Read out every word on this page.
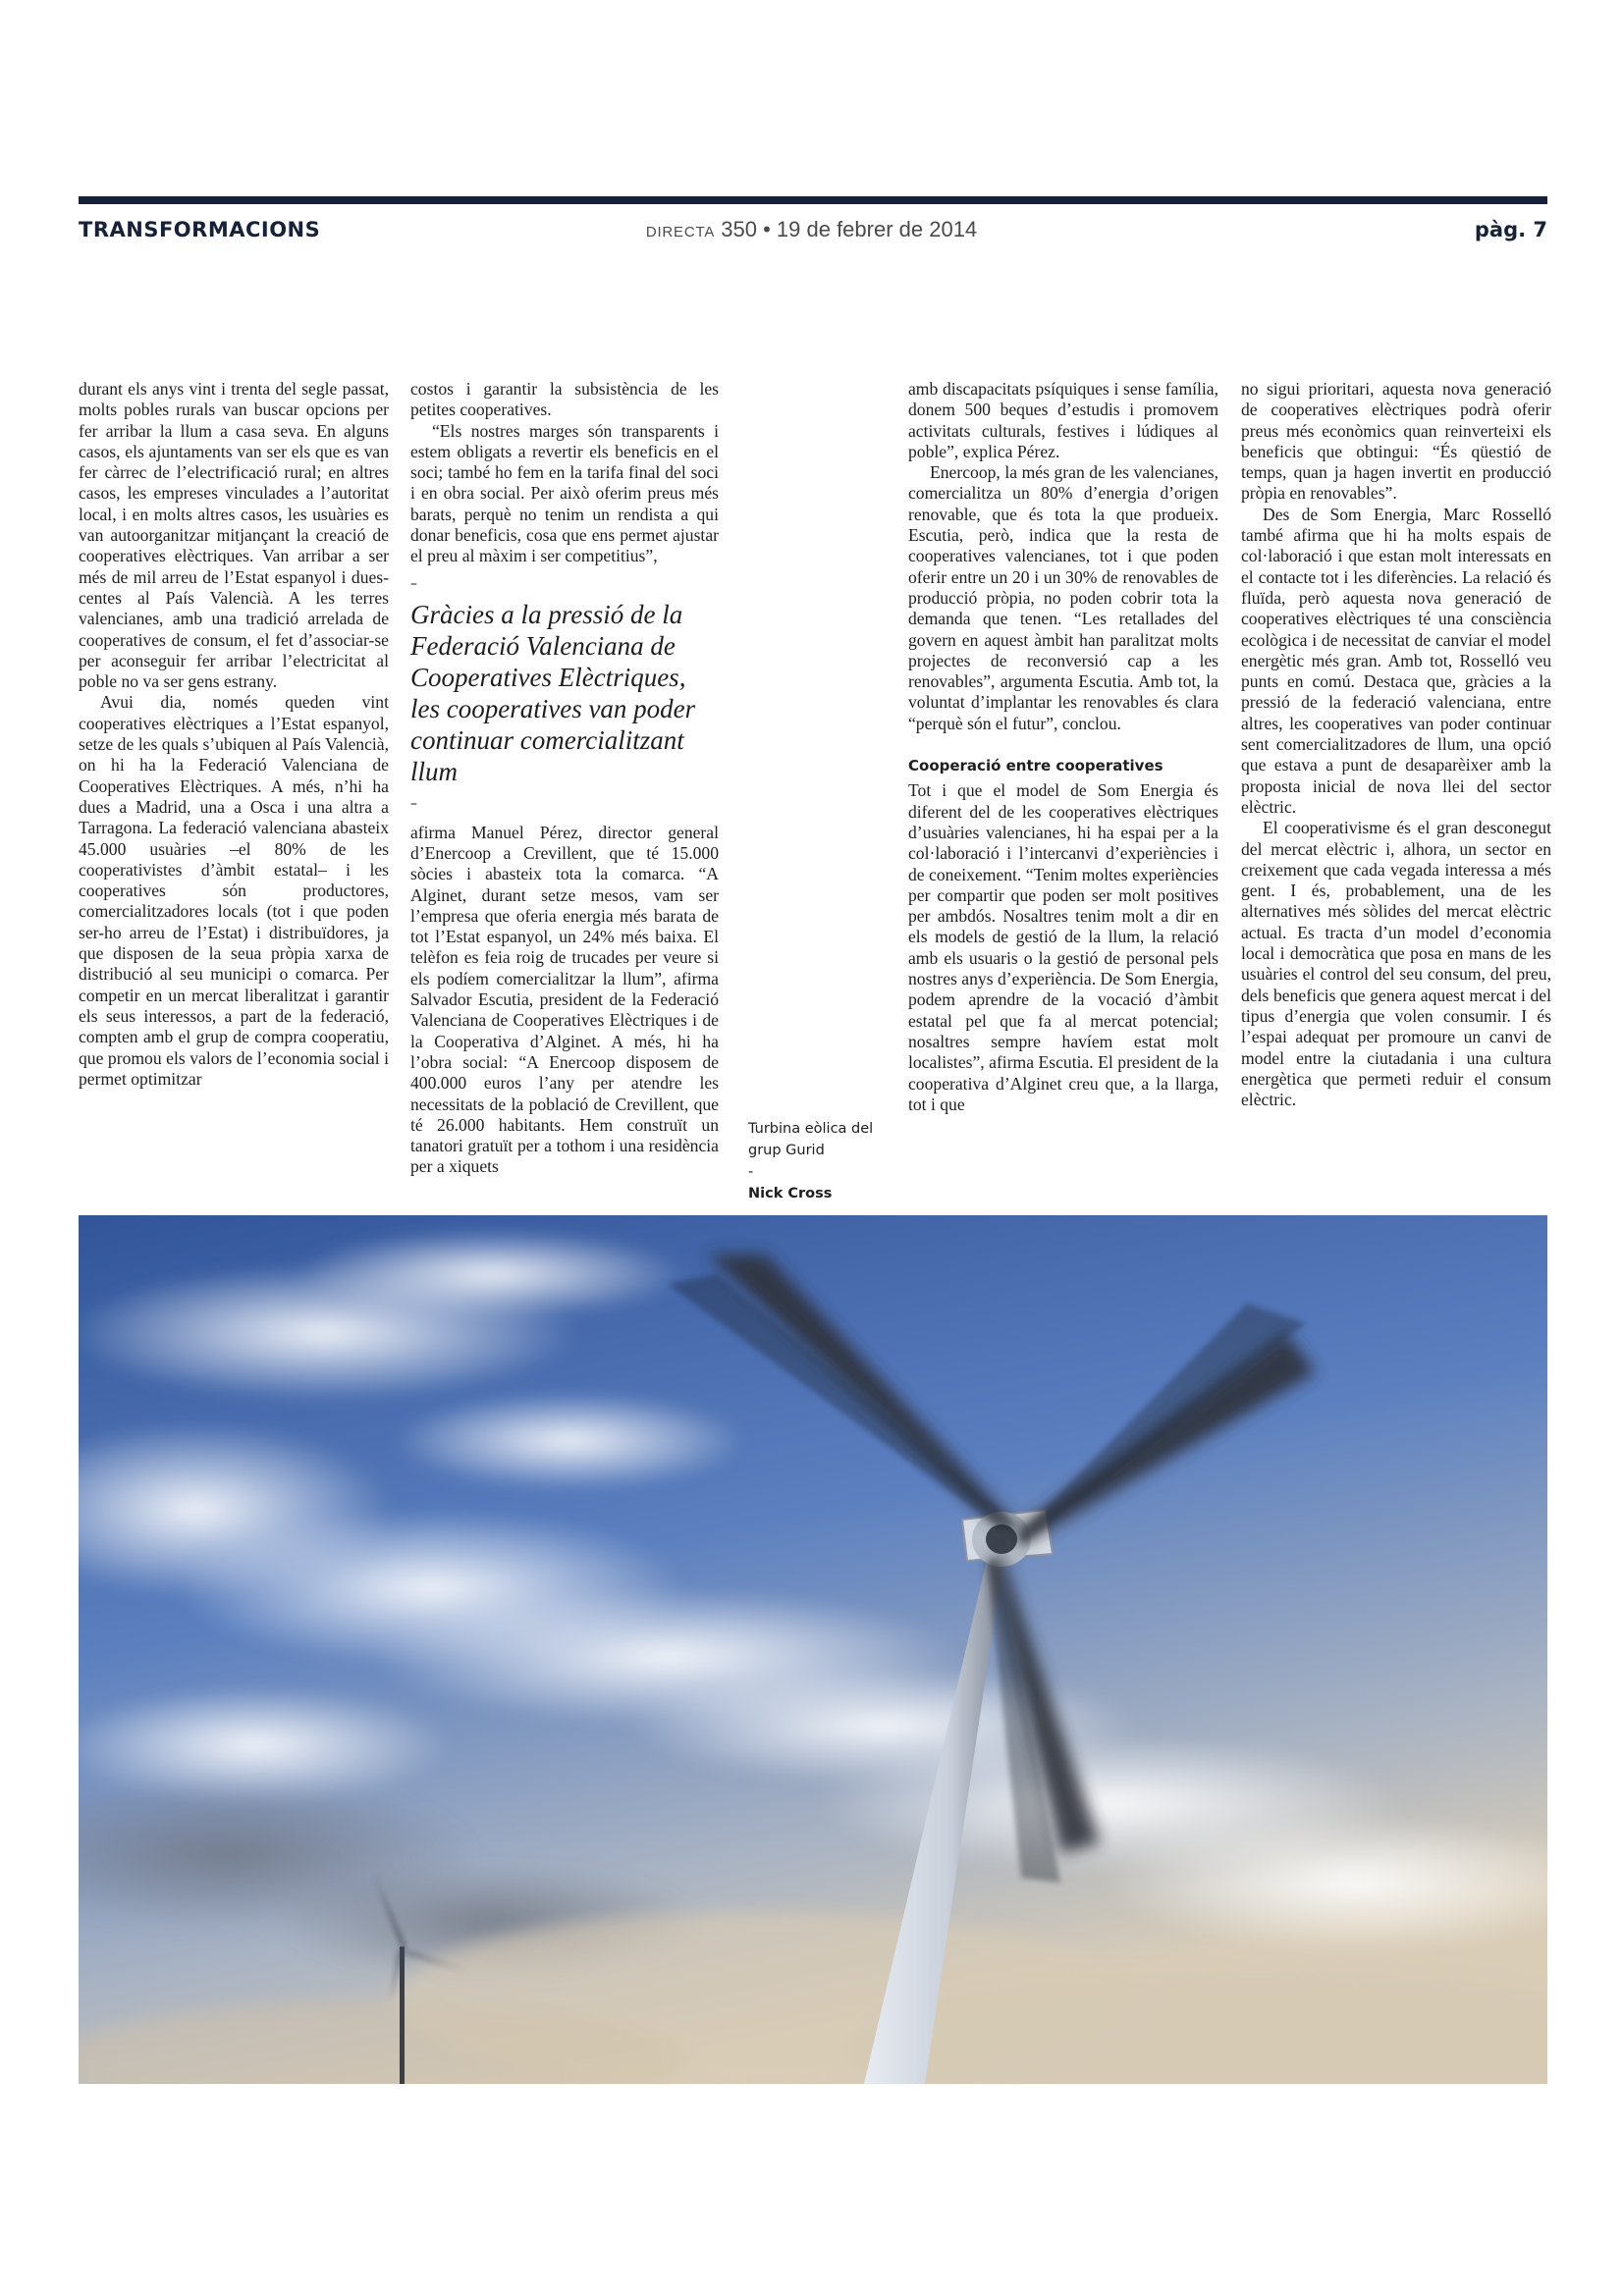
TRANSFORMACIONS	DIRECTA 350 • 19 de febrer de 2014	pàg. 7

durant els anys vint i trenta del segle passat, molts pobles rurals van buscar opcions per fer arribar la llum a casa seva. En alguns casos, els ajuntaments van ser els que es van fer càrrec de l’electrificació rural; en altres casos, les empreses vinculades a l’autoritat local, i en molts altres casos, les usuàries es van autoorganitzar mitjançant la creació de cooperatives elèctriques. Van arribar a ser més de mil arreu de l’Estat espanyol i dues-centes al País Valencià. A les terres valencianes, amb una tradició arrelada de cooperatives de consum, el fet d’associar-se per aconseguir fer arribar l’electricitat al poble no va ser gens estrany.

Avui dia, només queden vint cooperatives elèctriques a l’Estat espanyol, setze de les quals s’ubiquen al País Valencià, on hi ha la Federació Valenciana de Cooperatives Elèctriques. A més, n’hi ha dues a Madrid, una a Osca i una altra a Tarragona. La federació valenciana abasteix 45.000 usuàries –el 80% de les cooperativistes d’àmbit estatal– i les cooperatives són productores, comercialitzadores locals (tot i que poden ser-ho arreu de l’Estat) i distribuïdores, ja que disposen de la seua pròpia xarxa de distribució al seu municipi o comarca. Per competir en un mercat liberalitzat i garantir els seus interessos, a part de la federació, compten amb el grup de compra cooperatiu, que promou els valors de l’economia social i permet optimitzar

costos i garantir la subsistència de les petites cooperatives.

“Els nostres marges són transparents i estem obligats a revertir els beneficis en el soci; també ho fem en la tarifa final del soci i en obra social. Per això oferim preus més barats, perquè no tenim un rendista a qui donar beneficis, cosa que ens permet ajustar el preu al màxim i ser competitius”,

–
Gràcies a la pressió de la Federació Valenciana de Cooperatives Elèctriques, les cooperatives van poder continuar comercialitzant llum
–

afirma Manuel Pérez, director general d’Enercoop a Crevillent, que té 15.000 sòcies i abasteix tota la comarca. “A Alginet, durant setze mesos, vam ser l’empresa que oferia energia més barata de tot l’Estat espanyol, un 24% més baixa. El telèfon es feia roig de trucades per veure si els podíem comercialitzar la llum”, afirma Salvador Escutia, president de la Federació Valenciana de Cooperatives Elèctriques i de la Cooperativa d’Alginet. A més, hi ha l’obra social: “A Enercoop disposem de 400.000 euros l’any per atendre les necessitats de la població de Crevillent, que té 26.000 habitants. Hem construït un tanatori gratuït per a tothom i una residència per a xiquets

Turbina eòlica del grup Gurid
-
Nick Cross

amb discapacitats psíquiques i sense família, donem 500 beques d’estudis i promovem activitats culturals, festives i lúdiques al poble”, explica Pérez.

Enercoop, la més gran de les valencianes, comercialitza un 80% d’energia d’origen renovable, que és tota la que produeix. Escutia, però, indica que la resta de cooperatives valencianes, tot i que poden oferir entre un 20 i un 30% de renovables de producció pròpia, no poden cobrir tota la demanda que tenen. “Les retallades del govern en aquest àmbit han paralitzat molts projectes de reconversió cap a les renovables”, argumenta Escutia. Amb tot, la voluntat d’implantar les renovables és clara “perquè són el futur”, conclou.

Cooperació entre cooperatives

Tot i que el model de Som Energia és diferent del de les cooperatives elèctriques d’usuàries valencianes, hi ha espai per a la col·laboració i l’intercanvi d’experiències i de coneixement. “Tenim moltes experiències per compartir que poden ser molt positives per ambdós. Nosaltres tenim molt a dir en els models de gestió de la llum, la relació amb els usuaris o la gestió de personal pels nostres anys d’experiència. De Som Energia, podem aprendre de la vocació d’àmbit estatal pel que fa al mercat potencial; nosaltres sempre havíem estat molt localistes”, afirma Escutia. El president de la cooperativa d’Alginet creu que, a la llarga, tot i que

no sigui prioritari, aquesta nova generació de cooperatives elèctriques podrà oferir preus més econòmics quan reinverteixi els beneficis que obtingui: “És qüestió de temps, quan ja hagen invertit en producció pròpia en renovables”.

Des de Som Energia, Marc Rosselló també afirma que hi ha molts espais de col·laboració i que estan molt interessats en el contacte tot i les diferències. La relació és fluïda, però aquesta nova generació de cooperatives elèctriques té una consciència ecològica i de necessitat de canviar el model energètic més gran. Amb tot, Rosselló veu punts en comú. Destaca que, gràcies a la pressió de la federació valenciana, entre altres, les cooperatives van poder continuar sent comercialitzadores de llum, una opció que estava a punt de desaparèixer amb la proposta inicial de nova llei del sector elèctric.

El cooperativisme és el gran desconegut del mercat elèctric i, alhora, un sector en creixement que cada vegada interessa a més gent. I és, probablement, una de les alternatives més sòlides del mercat elèctric actual. Es tracta d’un model d’economia local i democràtica que posa en mans de les usuàries el control del seu consum, del preu, dels beneficis que genera aquest mercat i del tipus d’energia que volen consumir. I és l’espai adequat per promoure un canvi de model entre la ciutadania i una cultura energètica que permeti reduir el consum elèctric.
